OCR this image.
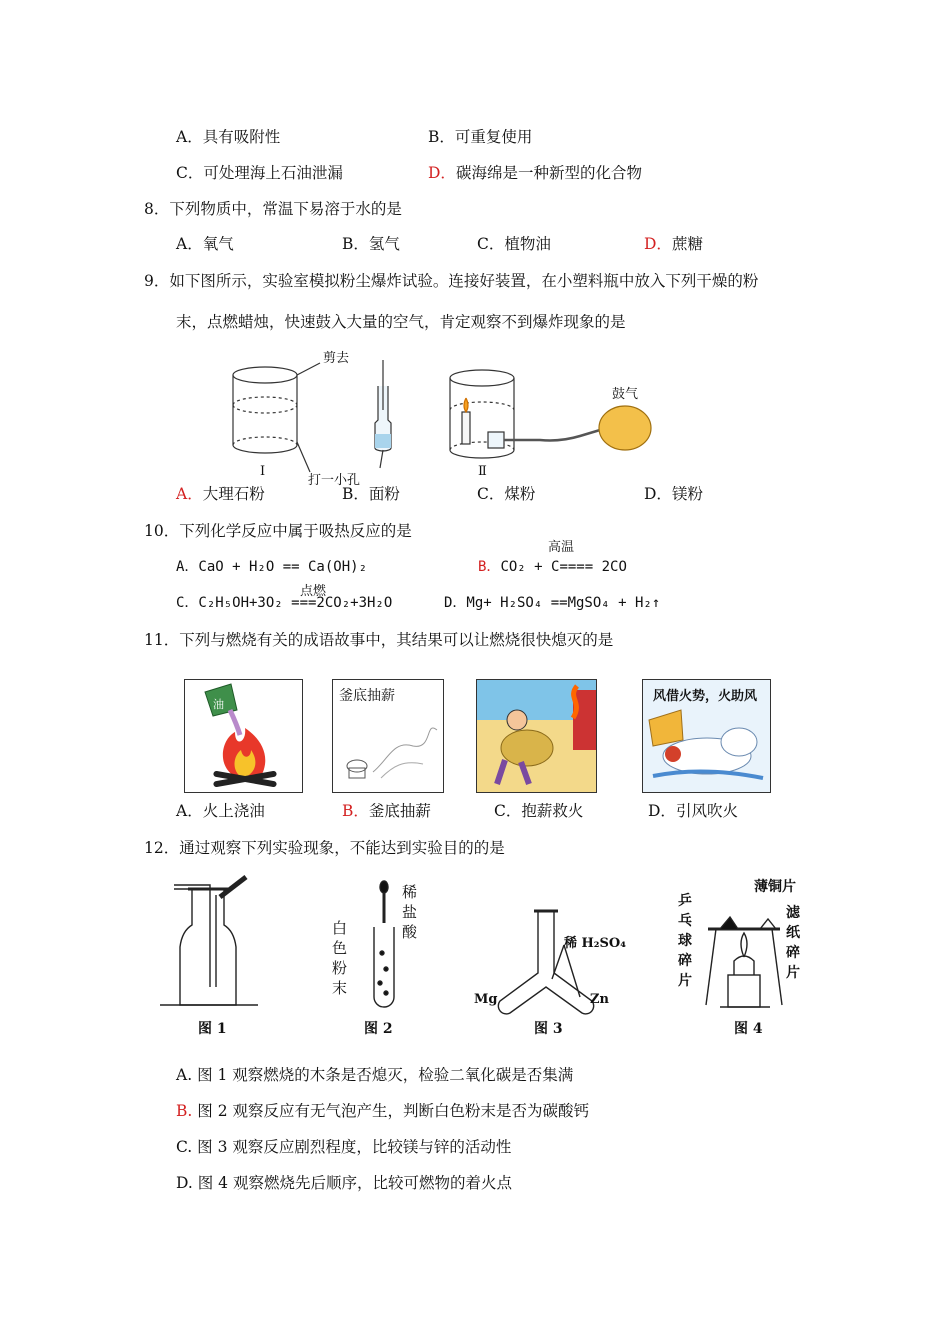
A．具有吸附性	B．可重复使用
C．可处理海上石油泄漏	D．碳海绵是一种新型的化合物
8．下列物质中，常温下易溶于水的是
A．氧气	B．氢气	C．植物油	D．蔗糖
9．如下图所示，实验室模拟粉尘爆炸试验。连接好装置，在小塑料瓶中放入下列干燥的粉
末，点燃蜡烛，快速鼓入大量的空气，肯定观察不到爆炸现象的是
剪去
打一小孔
鼓气
Ⅰ	Ⅱ
A．大理石粉	B．面粉	C．煤粉	D．镁粉
10．下列化学反应中属于吸热反应的是
高温
A．CaO + H₂O == Ca(OH)₂	B．CO₂ + C==== 2CO
点燃
C．C₂H₅OH+3O₂ ===2CO₂+3H₂O	D．Mg+ H₂SO₄ ==MgSO₄ + H₂↑
11．下列与燃烧有关的成语故事中，其结果可以让燃烧很快熄灭的是
油
釜底抽薪	风借火势，火助风
A．火上浇油	B．釜底抽薪	C．抱薪救火	D．引风吹火
12．通过观察下列实验现象，不能达到实验目的的是
图 1	图 2	图 3	图 4
稀
盐
酸
白
色
粉
末
稀 H₂SO₄
Mg	Zn
薄铜片
乒
乓
球
碎
片
滤
纸
碎
片
A. 图 1 观察燃烧的木条是否熄灭，检验二氧化碳是否集满
B. 图 2 观察反应有无气泡产生，判断白色粉末是否为碳酸钙
C. 图 3 观察反应剧烈程度，比较镁与锌的活动性
D. 图 4 观察燃烧先后顺序，比较可燃物的着火点
